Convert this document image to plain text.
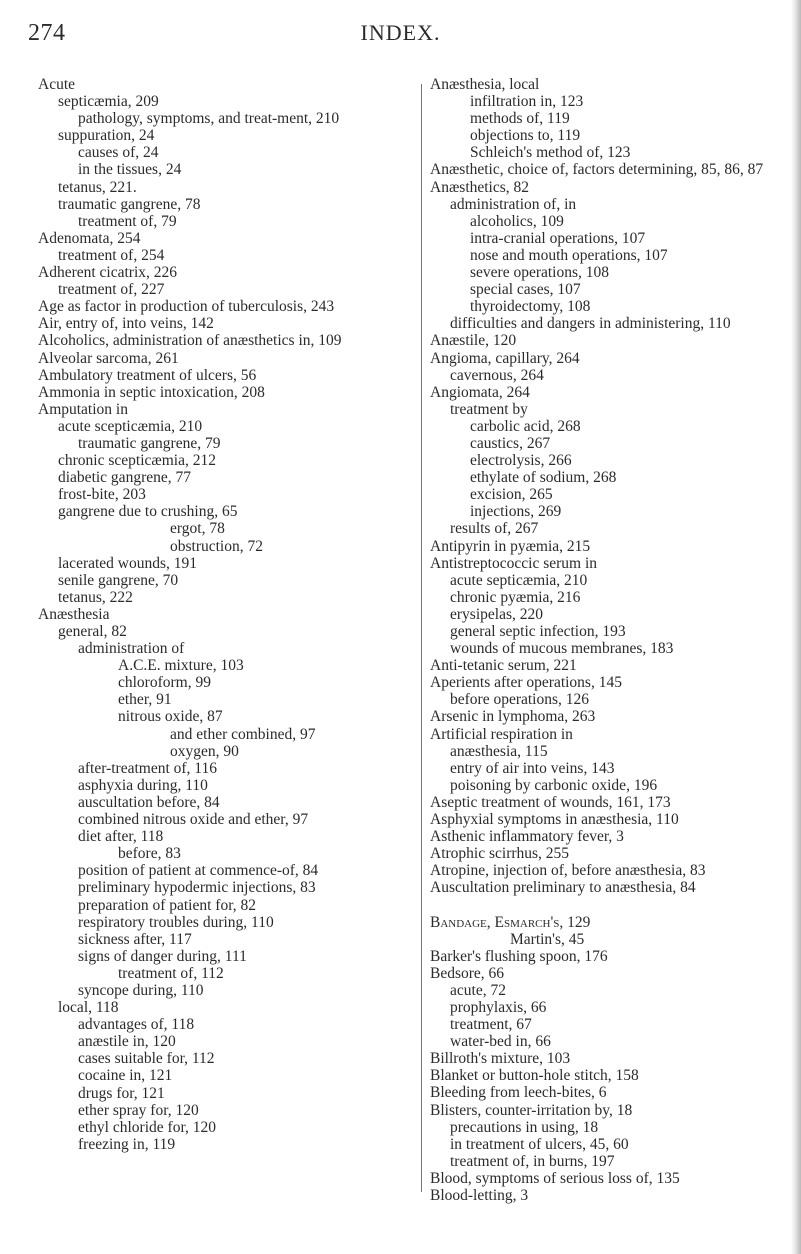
274	INDEX.
Acute
septicæmia, 209
pathology, symptoms, and treat-ment, 210
suppuration, 24
causes of, 24
in the tissues, 24
tetanus, 221.
traumatic gangrene, 78
treatment of, 79
Adenomata, 254
treatment of, 254
Adherent cicatrix, 226
treatment of, 227
Age as factor in production of tuberculosis, 243
Air, entry of, into veins, 142
Alcoholics, administration of anæsthetics in, 109
Alveolar sarcoma, 261
Ambulatory treatment of ulcers, 56
Ammonia in septic intoxication, 208
Amputation in
acute scepticæmia, 210
traumatic gangrene, 79
chronic scepticæmia, 212
diabetic gangrene, 77
frost-bite, 203
gangrene due to crushing, 65
ergot, 78
obstruction, 72
lacerated wounds, 191
senile gangrene, 70
tetanus, 222
Anæsthesia
general, 82
administration of
A.C.E. mixture, 103
chloroform, 99
ether, 91
nitrous oxide, 87
and ether combined, 97
oxygen, 90
after-treatment of, 116
asphyxia during, 110
auscultation before, 84
combined nitrous oxide and ether, 97
diet after, 118
before, 83
position of patient at commence-of, 84
preliminary hypodermic injections, 83
preparation of patient for, 82
respiratory troubles during, 110
sickness after, 117
signs of danger during, 111
treatment of, 112
syncope during, 110
local, 118
advantages of, 118
anæstile in, 120
cases suitable for, 112
cocaine in, 121
drugs for, 121
ether spray for, 120
ethyl chloride for, 120
freezing in, 119
Anæsthesia, local
infiltration in, 123
methods of, 119
objections to, 119
Schleich's method of, 123
Anæsthetic, choice of, factors determining, 85, 86, 87
Anæsthetics, 82
administration of, in
alcoholics, 109
intra-cranial operations, 107
nose and mouth operations, 107
severe operations, 108
special cases, 107
thyroidectomy, 108
difficulties and dangers in administering, 110
Anæstile, 120
Angioma, capillary, 264
cavernous, 264
Angiomata, 264
treatment by
carbolic acid, 268
caustics, 267
electrolysis, 266
ethylate of sodium, 268
excision, 265
injections, 269
results of, 267
Antipyrin in pyæmia, 215
Antistreptococcic serum in
acute septicæmia, 210
chronic pyæmia, 216
erysipelas, 220
general septic infection, 193
wounds of mucous membranes, 183
Anti-tetanic serum, 221
Aperients after operations, 145
before operations, 126
Arsenic in lymphoma, 263
Artificial respiration in
anæsthesia, 115
entry of air into veins, 143
poisoning by carbonic oxide, 196
Aseptic treatment of wounds, 161, 173
Asphyxial symptoms in anæsthesia, 110
Asthenic inflammatory fever, 3
Atrophic scirrhus, 255
Atropine, injection of, before anæsthesia, 83
Auscultation preliminary to anæsthesia, 84
Bandage, Esmarch's, 129
Martin's, 45
Barker's flushing spoon, 176
Bedsore, 66
acute, 72
prophylaxis, 66
treatment, 67
water-bed in, 66
Billroth's mixture, 103
Blanket or button-hole stitch, 158
Bleeding from leech-bites, 6
Blisters, counter-irritation by, 18
precautions in using, 18
in treatment of ulcers, 45, 60
treatment of, in burns, 197
Blood, symptoms of serious loss of, 135
Blood-letting, 3
